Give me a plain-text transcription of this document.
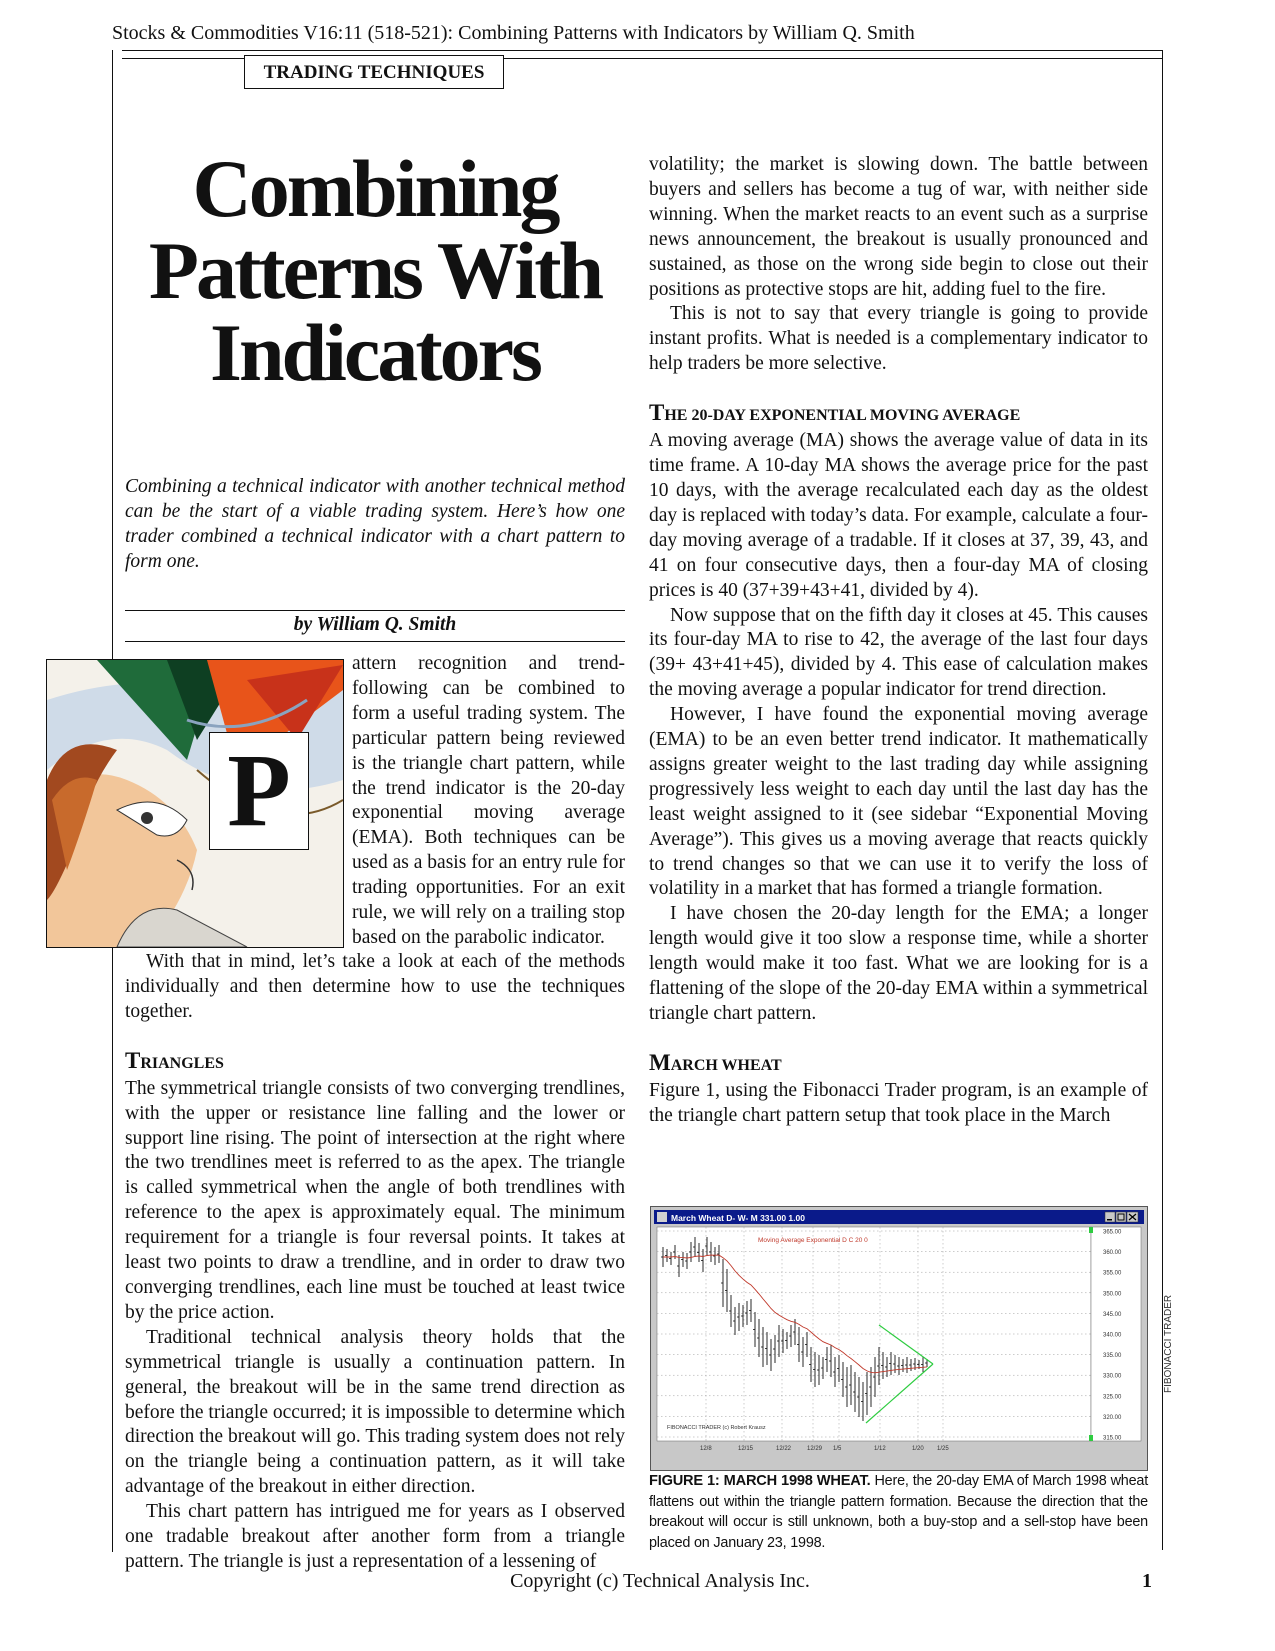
Stocks & Commodities V16:11 (518-521): Combining Patterns with Indicators by William Q. Smith
TRADING TECHNIQUES
Combining
Patterns With
Indicators
Combining a technical indicator with another technical method can be the start of a viable trading system. Here’s how one trader combined a technical indicator with a chart pattern to form one.
by William Q. Smith
P
attern recognition and trend-following can be combined to form a useful trading system. The particular pattern being reviewed is the triangle chart pattern, while the trend indicator is the 20-day exponential moving average (EMA). Both techniques can be used as a basis for an entry rule for trading opportunities. For an exit rule, we will rely on a trailing stop based on the parabolic indicator.

With that in mind, let’s take a look at each of the methods individually and then determine how to use the techniques together.

TRIANGLES

The symmetrical triangle consists of two converging trendlines, with the upper or resistance line falling and the lower or support line rising. The point of intersection at the right where the two trendlines meet is referred to as the apex. The triangle is called symmetrical when the angle of both trendlines with reference to the apex is approximately equal. The minimum requirement for a triangle is four reversal points. It takes at least two points to draw a trendline, and in order to draw two converging trendlines, each line must be touched at least twice by the price action.

Traditional technical analysis theory holds that the symmetrical triangle is usually a continuation pattern. In general, the breakout will be in the same trend direction as before the triangle occurred; it is impossible to determine which direction the breakout will go. This trading system does not rely on the triangle being a continuation pattern, as it will take advantage of the breakout in either direction.

This chart pattern has intrigued me for years as I observed one tradable breakout after another form from a triangle pattern. The triangle is just a representation of a lessening of

volatility; the market is slowing down. The battle between buyers and sellers has become a tug of war, with neither side winning. When the market reacts to an event such as a surprise news announcement, the breakout is usually pronounced and sustained, as those on the wrong side begin to close out their positions as protective stops are hit, adding fuel to the fire.

This is not to say that every triangle is going to provide instant profits. What is needed is a complementary indicator to help traders be more selective.

THE 20-DAY EXPONENTIAL MOVING AVERAGE

A moving average (MA) shows the average value of data in its time frame. A 10-day MA shows the average price for the past 10 days, with the average recalculated each day as the oldest day is replaced with today’s data. For example, calculate a four-day moving average of a tradable. If it closes at 37, 39, 43, and 41 on four consecutive days, then a four-day MA of closing prices is 40 (37+39+43+41, divided by 4).

Now suppose that on the fifth day it closes at 45. This causes its four-day MA to rise to 42, the average of the last four days (39+ 43+41+45), divided by 4. This ease of calculation makes the moving average a popular indicator for trend direction.

However, I have found the exponential moving average (EMA) to be an even better trend indicator. It mathematically assigns greater weight to the last trading day while assigning progressively less weight to each day until the last day has the least weight assigned to it (see sidebar “Exponential Moving Average”). This gives us a moving average that reacts quickly to trend changes so that we can use it to verify the loss of volatility in a market that has formed a triangle formation.

I have chosen the 20-day length for the EMA; a longer length would give it too slow a response time, while a shorter length would make it too fast. What we are looking for is a flattening of the slope of the 20-day EMA within a symmetrical triangle chart pattern.

MARCH WHEAT

Figure 1, using the Fibonacci Trader program, is an example of the triangle chart pattern setup that took place in the March

March Wheat D- W- M 331.00 1.00
Moving Average Exponential D C 20 0
FIBONACCI TRADER (c) Robert Krausz
365.00
360.00
355.00
350.00
345.00
340.00
335.00
330.00
325.00
320.00
315.00
12/8	12/15	12/22	12/29 1/5	1/12	1/20 1/25
FIGURE 1: MARCH 1998 WHEAT. Here, the 20-day EMA of March 1998 wheat flattens out within the triangle pattern formation. Because the direction that the breakout will occur is still unknown, both a buy-stop and a sell-stop have been placed on January 23, 1998.
FIBONACCI TRADER
Copyright (c) Technical Analysis Inc.	1
